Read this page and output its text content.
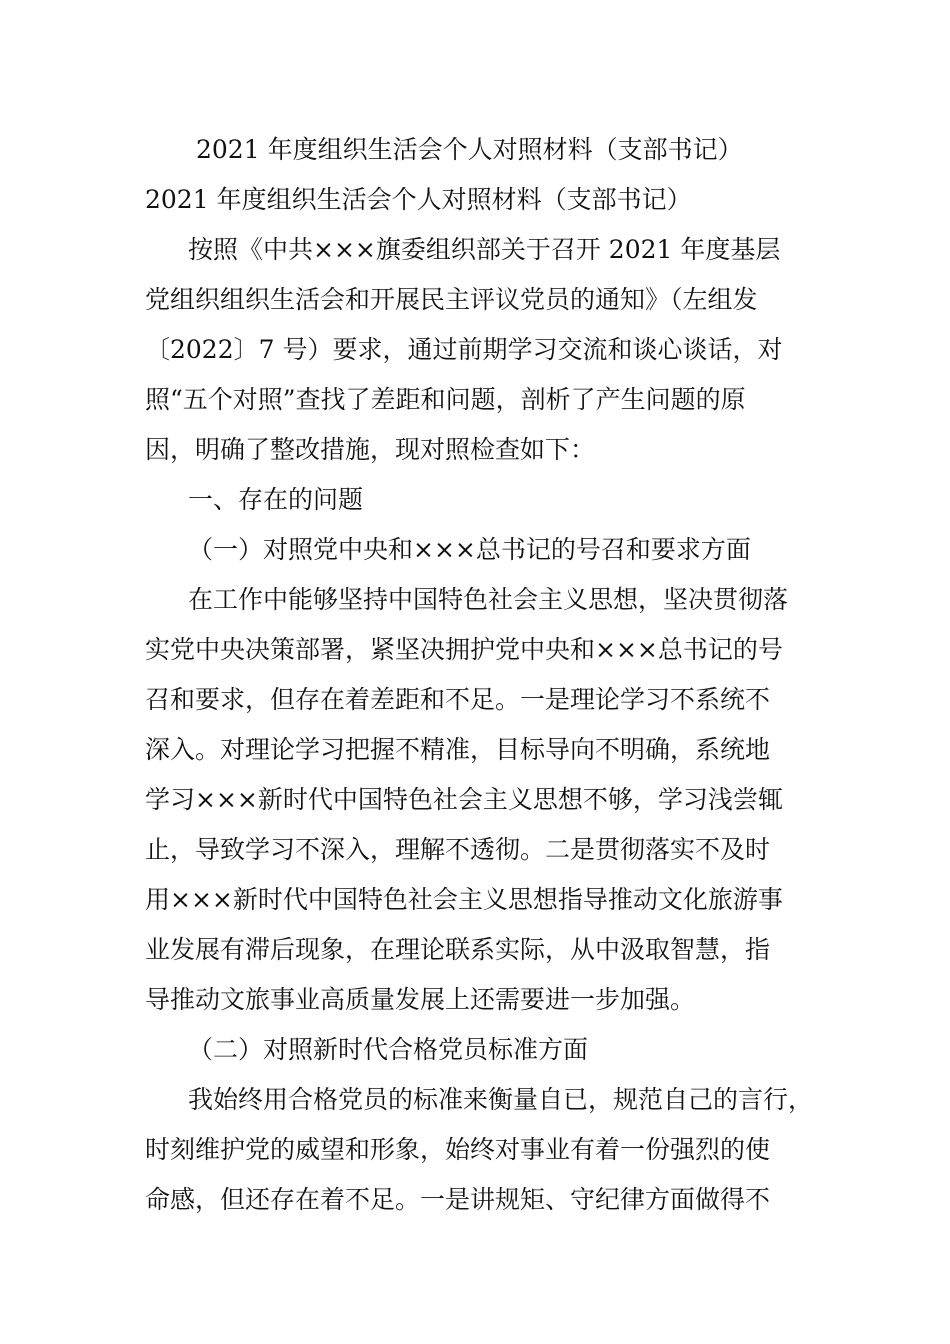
2021 年度组织生活会个人对照材料（支部书记）
2021 年度组织生活会个人对照材料（支部书记）
按照《中共×××旗委组织部关于召开 2021 年度基层
党组织组织生活会和开展民主评议党员的通知》（左组发
〔2022〕7 号）要求，通过前期学习交流和谈心谈话，对
照“五个对照”查找了差距和问题，剖析了产生问题的原
因，明确了整改措施，现对照检查如下：
一、存在的问题
（一）对照党中央和×××总书记的号召和要求方面
在工作中能够坚持中国特色社会主义思想，坚决贯彻落
实党中央决策部署，紧坚决拥护党中央和×××总书记的号
召和要求，但存在着差距和不足。一是理论学习不系统不
深入。对理论学习把握不精准，目标导向不明确，系统地
学习×××新时代中国特色社会主义思想不够，学习浅尝辄
止，导致学习不深入，理解不透彻。二是贯彻落实不及时
用×××新时代中国特色社会主义思想指导推动文化旅游事
业发展有滞后现象，在理论联系实际，从中汲取智慧，指
导推动文旅事业高质量发展上还需要进一步加强。
（二）对照新时代合格党员标准方面
我始终用合格党员的标准来衡量自已，规范自己的言行，
时刻维护党的威望和形象，始终对事业有着一份强烈的使
命感，但还存在着不足。一是讲规矩、守纪律方面做得不
